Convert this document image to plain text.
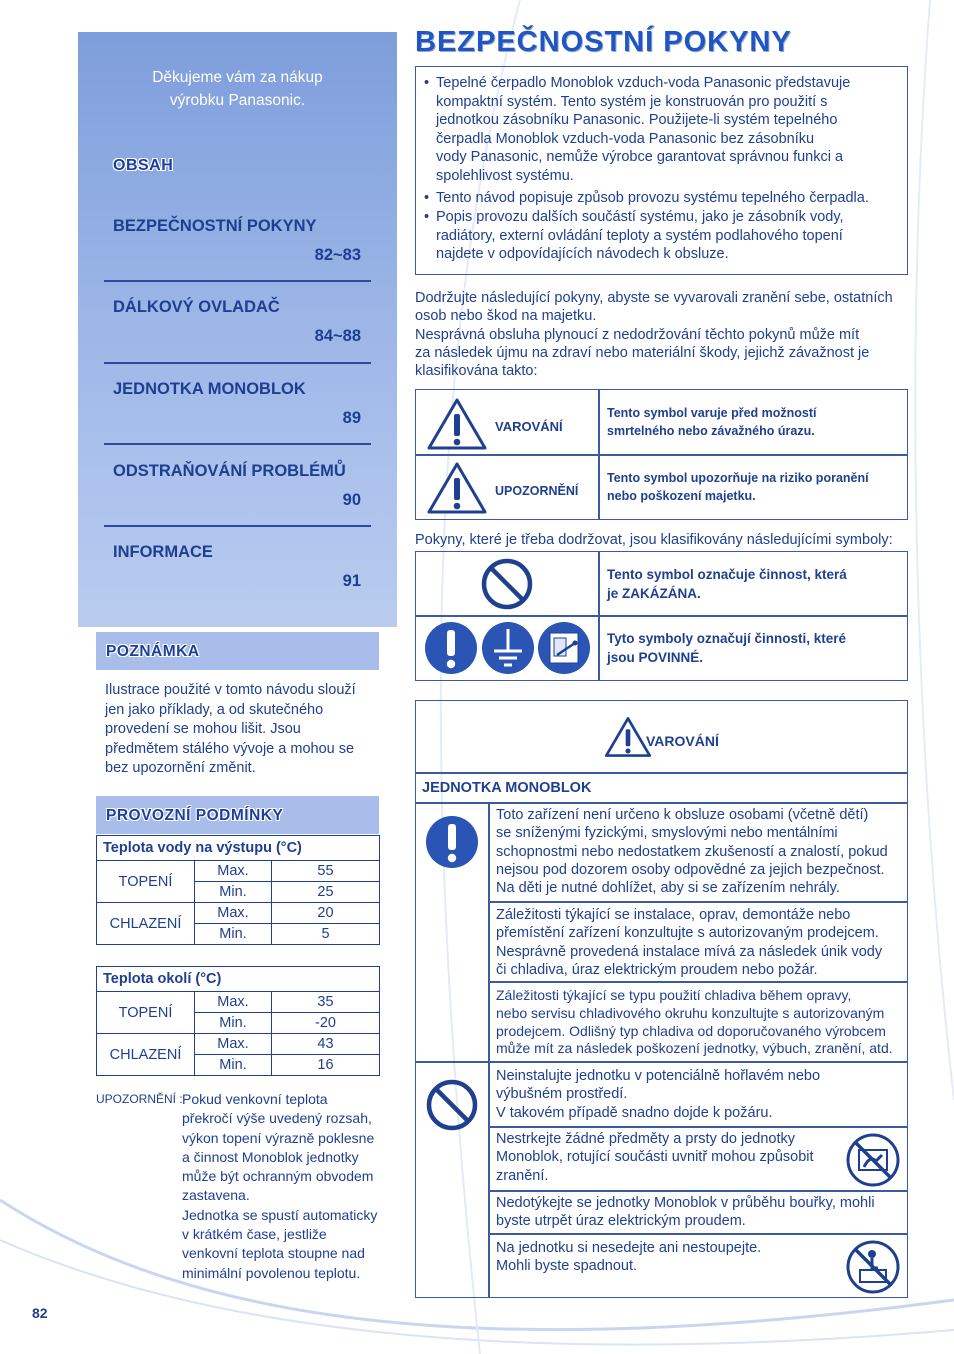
Děkujeme vám za nákup
výrobku Panasonic.
OBSAH
BEZPEČNOSTNÍ POKYNY
82~83
DÁLKOVÝ OVLADAČ
84~88
JEDNOTKA MONOBLOK
89
ODSTRAŇOVÁNÍ PROBLÉMŮ
90
INFORMACE
91
POZNÁMKA
Ilustrace použité v tomto návodu slouží
jen jako příklady, a od skutečného
provedení se mohou lišit. Jsou
předmětem stálého vývoje a mohou se
bez upozornění změnit.
PROVOZNÍ PODMÍNKY
Teplota vody na výstupu (°C)		
TOPENÍ	Max.	55
	Min.	25
CHLAZENÍ	Max.	20
	Min.	5
Teplota okolí (°C)		
TOPENÍ	Max.	35
	Min.	-20
CHLAZENÍ	Max.	43
	Min.	16
UPOZORNĚNÍ : Pokud venkovní teplota
překročí výše uvedený rozsah,
výkon topení výrazně poklesne
a činnost Monoblok jednotky
může být ochranným obvodem
zastavena.
Jednotka se spustí automaticky
v krátkém čase, jestliže
venkovní teplota stoupne nad
minimální povolenou teplotu.
82
BEZPEČNOSTNÍ POKYNY
• Tepelné čerpadlo Monoblok vzduch-voda Panasonic představuje
kompaktní systém. Tento systém je konstruován pro použití s
jednotkou zásobníku Panasonic. Použijete-li systém tepelného
čerpadla Monoblok vzduch-voda Panasonic bez zásobníku
vody Panasonic, nemůže výrobce garantovat správnou funkci a
spolehlivost systému.
• Tento návod popisuje způsob provozu systému tepelného čerpadla.
• Popis provozu dalších součástí systému, jako je zásobník vody,
radiátory, externí ovládání teploty a systém podlahového topení
najdete v odpovídajících návodech k obsluze.
Dodržujte následující pokyny, abyste se vyvarovali zranění sebe, ostatních
osob nebo škod na majetku.
Nesprávná obsluha plynoucí z nedodržování těchto pokynů může mít
za následek újmu na zdraví nebo materiální škody, jejichž závažnost je
klasifikována takto:
VAROVÁNÍ
Tento symbol varuje před možností
smrtelného nebo závažného úrazu.
UPOZORNĚNÍ
Tento symbol upozorňuje na riziko poranění
nebo poškození majetku.
Pokyny, které je třeba dodržovat, jsou klasifikovány následujícími symboly:
Tento symbol označuje činnost, která
je ZAKÁZÁNA.
Tyto symboly označují činnosti, které
jsou POVINNÉ.
VAROVÁNÍ
JEDNOTKA MONOBLOK
Toto zařízení není určeno k obsluze osobami (včetně dětí)
se sníženými fyzickými, smyslovými nebo mentálními
schopnostmi nebo nedostatkem zkušeností a znalostí, pokud
nejsou pod dozorem osoby odpovědné za jejich bezpečnost.
Na děti je nutné dohlížet, aby si se zařízením nehrály.
Záležitosti týkající se instalace, oprav, demontáže nebo
přemístění zařízení konzultujte s autorizovaným prodejcem.
Nesprávně provedená instalace mívá za následek únik vody
či chladiva, úraz elektrickým proudem nebo požár.
Záležitosti týkající se typu použití chladiva během opravy,
nebo servisu chladivového okruhu konzultujte s autorizovaným
prodejcem. Odlišný typ chladiva od doporučovaného výrobcem
může mít za následek poškození jednotky, výbuch, zranění, atd.
Neinstalujte jednotku v potenciálně hořlavém nebo
výbušném prostředí.
V takovém případě snadno dojde k požáru.
Nestrkejte žádné předměty a prsty do jednotky
Monoblok, rotující součásti uvnitř mohou způsobit
zranění.
Nedotýkejte se jednotky Monoblok v průběhu bouřky, mohli
byste utrpět úraz elektrickým proudem.
Na jednotku si nesedejte ani nestoupejte.
Mohli byste spadnout.
